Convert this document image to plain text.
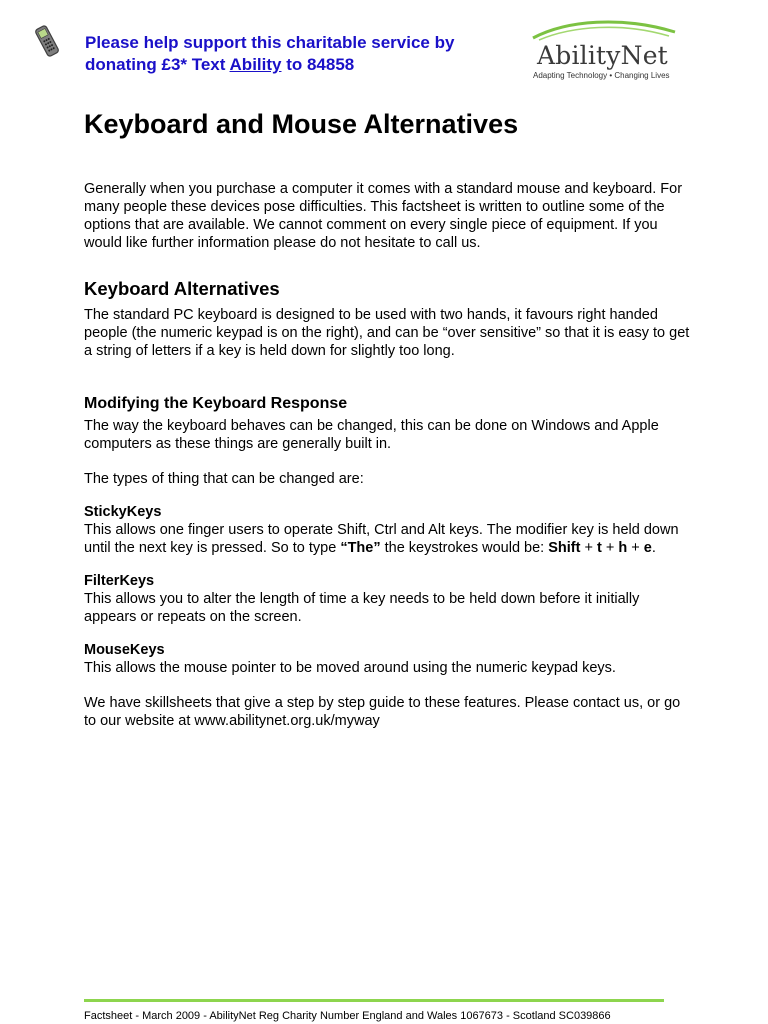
Please help support this charitable service by
donating £3* Text Ability to 84858	AbilityNet
Adapting Technology • Changing Lives
Keyboard and Mouse Alternatives

Generally when you purchase a computer it comes with a standard mouse and keyboard. For many people these devices pose difficulties. This factsheet is written to outline some of the options that are available. We cannot comment on every single piece of equipment. If you would like further information please do not hesitate to call us.

Keyboard Alternatives

The standard PC keyboard is designed to be used with two hands, it favours right handed people (the numeric keypad is on the right), and can be “over sensitive” so that it is easy to get a string of letters if a key is held down for slightly too long.

Modifying the Keyboard Response

The way the keyboard behaves can be changed, this can be done on Windows and Apple computers as these things are generally built in.

The types of thing that can be changed are:

StickyKeys

This allows one finger users to operate Shift, Ctrl and Alt keys. The modifier key is held down until the next key is pressed. So to type “The” the keystrokes would be: Shift + t + h + e.

FilterKeys

This allows you to alter the length of time a key needs to be held down before it initially appears or repeats on the screen.

MouseKeys

This allows the mouse pointer to be moved around using the numeric keypad keys.

We have skillsheets that give a step by step guide to these features. Please contact us, or go to our website at www.abilitynet.org.uk/myway

Factsheet - March 2009 - AbilityNet Reg Charity Number England and Wales 1067673 - Scotland SC039866
